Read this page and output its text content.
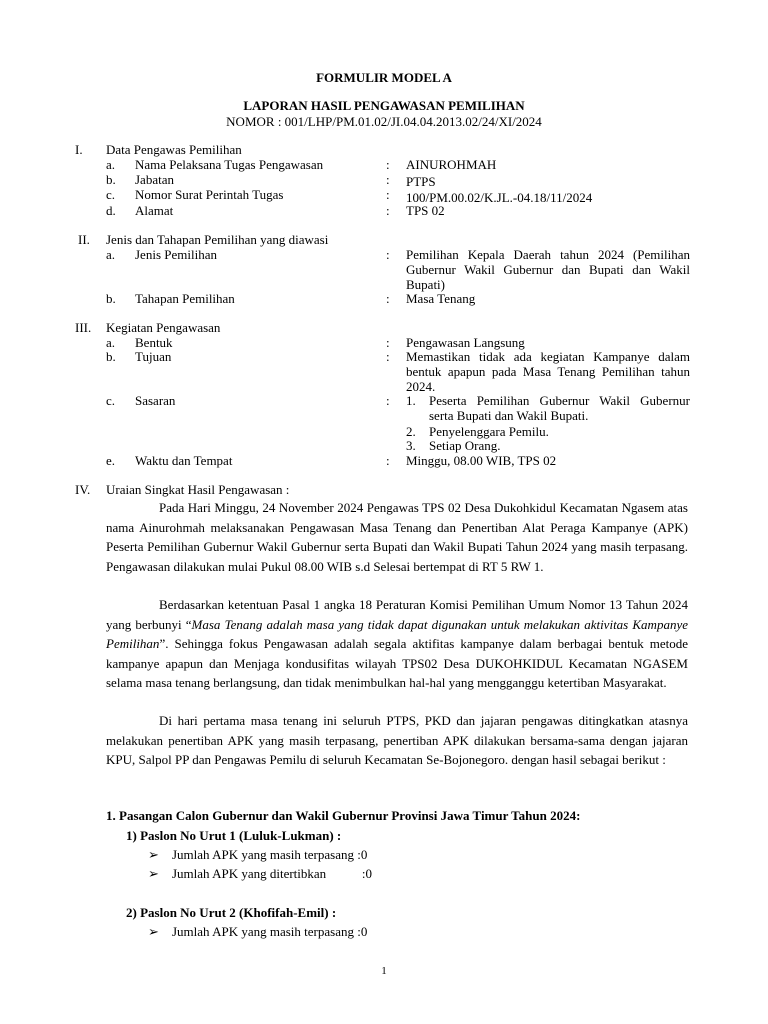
FORMULIR MODEL A
LAPORAN HASIL PENGAWASAN PEMILIHAN
NOMOR : 001/LHP/PM.01.02/JI.04.04.2013.02/24/XI/2024
I. Data Pengawas Pemilihan
a. Nama Pelaksana Tugas Pengawasan	: AINUROHMAH
b. Jabatan	: PTPS
c. Nomor Surat Perintah Tugas	: 100/PM.00.02/K.JL.-04.18/11/2024
d. Alamat	: TPS 02
II. Jenis dan Tahapan Pemilihan yang diawasi
a. Jenis Pemilihan	: Pemilihan Kepala Daerah tahun 2024 (Pemilihan Gubernur Wakil Gubernur dan Bupati dan Wakil Bupati)
b. Tahapan Pemilihan	: Masa Tenang
III. Kegiatan Pengawasan
a. Bentuk	: Pengawasan Langsung
b. Tujuan	: Memastikan tidak ada kegiatan Kampanye dalam bentuk apapun pada Masa Tenang Pemilihan tahun 2024.
c. Sasaran	: 1. Peserta Pemilihan Gubernur Wakil Gubernur serta Bupati dan Wakil Bupati.
2. Penyelenggara Pemilu.
3. Setiap Orang.
e. Waktu dan Tempat	: Minggu, 08.00 WIB, TPS 02
IV. Uraian Singkat Hasil Pengawasan :
Pada Hari Minggu, 24 November 2024 Pengawas TPS 02 Desa Dukohkidul Kecamatan Ngasem atas nama Ainurohmah melaksanakan Pengawasan Masa Tenang dan Penertiban Alat Peraga Kampanye (APK) Peserta Pemilihan Gubernur Wakil Gubernur serta Bupati dan Wakil Bupati Tahun 2024 yang masih terpasang. Pengawasan dilakukan mulai Pukul 08.00 WIB s.d Selesai bertempat di RT 5 RW 1.
Berdasarkan ketentuan Pasal 1 angka 18 Peraturan Komisi Pemilihan Umum Nomor 13 Tahun 2024 yang berbunyi “Masa Tenang adalah masa yang tidak dapat digunakan untuk melakukan aktivitas Kampanye Pemilihan”. Sehingga fokus Pengawasan adalah segala aktifitas kampanye dalam berbagai bentuk metode kampanye apapun dan Menjaga kondusifitas wilayah TPS02 Desa DUKOHKIDUL Kecamatan NGASEM selama masa tenang berlangsung, dan tidak menimbulkan hal-hal yang mengganggu ketertiban Masyarakat.
Di hari pertama masa tenang ini seluruh PTPS, PKD dan jajaran pengawas ditingkatkan atasnya melakukan penertiban APK yang masih terpasang, penertiban APK dilakukan bersama-sama dengan jajaran KPU, Salpol PP dan Pengawas Pemilu di seluruh Kecamatan Se-Bojonegoro. dengan hasil sebagai berikut :
1. Pasangan Calon Gubernur dan Wakil Gubernur Provinsi Jawa Timur Tahun 2024:
1) Paslon No Urut 1 (Luluk-Lukman) :
➢ Jumlah APK yang masih terpasang :0
➢ Jumlah APK yang ditertibkan           :0
2) Paslon No Urut 2 (Khofifah-Emil) :
➢ Jumlah APK yang masih terpasang :0
1
